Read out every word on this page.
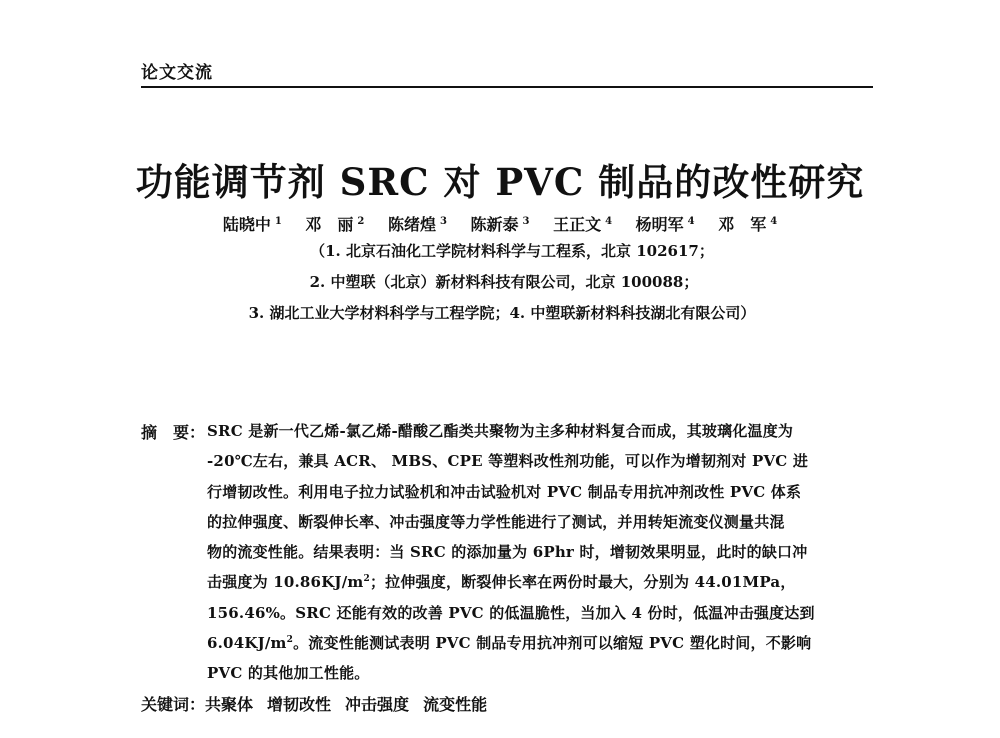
论文交流
功能调节剂 SRC 对 PVC 制品的改性研究
陆晓中 $^1$ 邓　丽 $^2$ 陈绪煌 $^3$ 陈新泰 $^3$ 王正文 $^4$ 杨明军 $^4$ 邓　军 $^4$
（1. 北京石油化工学院材料科学与工程系，北京 102617；
2. 中塑联（北京）新材料科技有限公司，北京 100088；
3. 湖北工业大学材料科学与工程学院；4. 中塑联新材料科技湖北有限公司）
摘　要： SRC 是新一代乙烯-氯乙烯-醋酸乙酯类共聚物为主多种材料复合而成，其玻璃化温度为
-20℃左右，兼具 ACR、 MBS、CPE 等塑料改性剂功能，可以作为增韧剂对 PVC 进
行增韧改性。利用电子拉力试验机和冲击试验机对 PVC 制品专用抗冲剂改性 PVC 体系
的拉伸强度、断裂伸长率、冲击强度等力学性能进行了测试，并用转矩流变仪测量共混
物的流变性能。结果表明：当 SRC 的添加量为 6Phr 时，增韧效果明显，此时的缺口冲
击强度为 $10.86KJ/m^2$；拉伸强度，断裂伸长率在两份时最大，分别为 44.01MPa，
156.46%。SRC 还能有效的改善 PVC 的低温脆性，当加入 4 份时，低温冲击强度达到
$6.04KJ/m^2$。流变性能测试表明 PVC 制品专用抗冲剂可以缩短 PVC 塑化时间，不影响
PVC 的其他加工性能。
关键词：共聚体 增韧改性 冲击强度 流变性能
